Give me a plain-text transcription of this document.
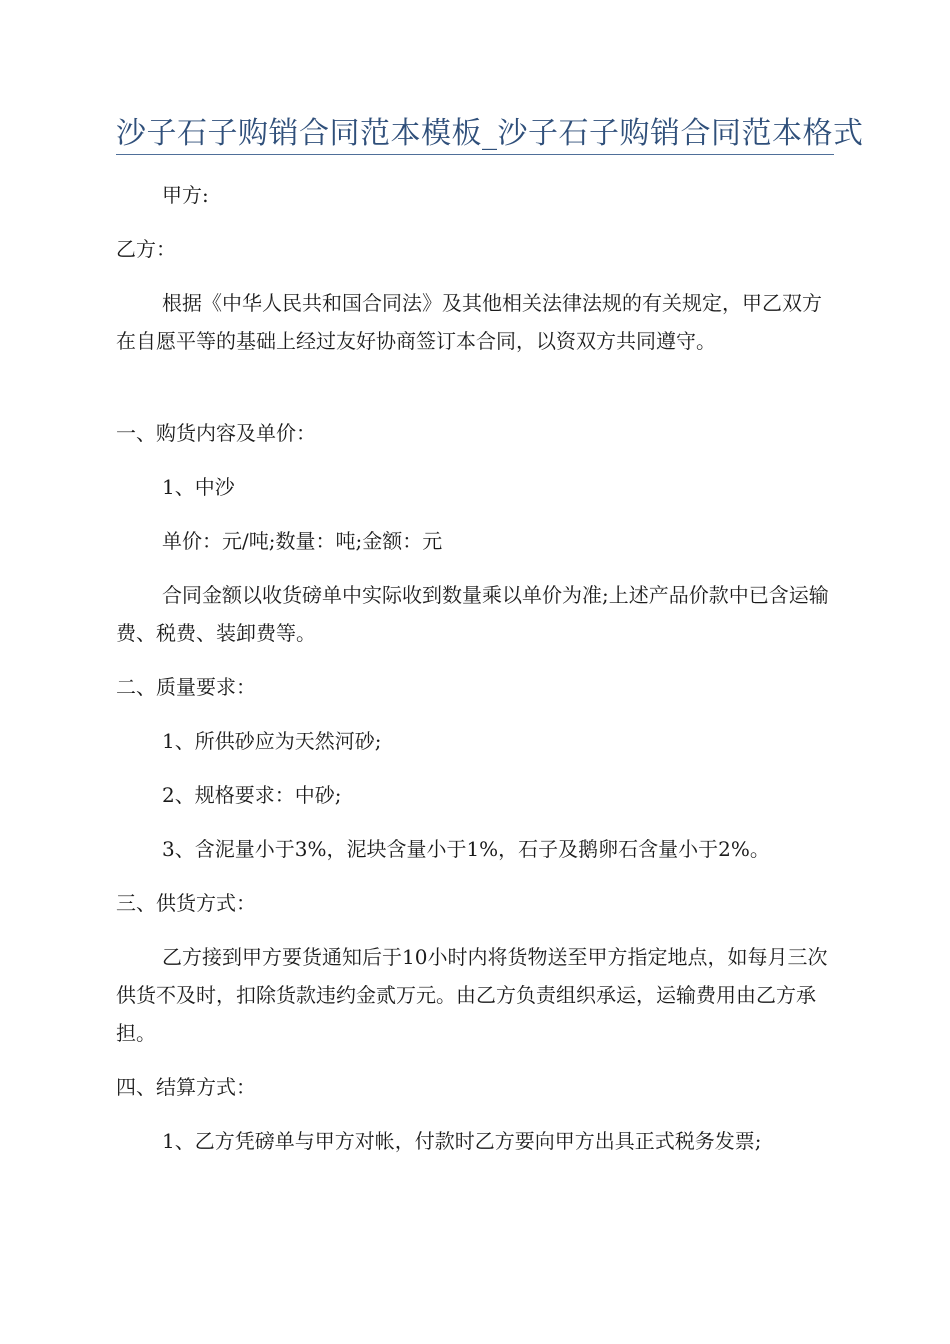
沙子石子购销合同范本模板_沙子石子购销合同范本格式

甲方:

乙方：

根据《中华人民共和国合同法》及其他相关法律法规的有关规定，甲乙双方在自愿平等的基础上经过友好协商签订本合同，以资双方共同遵守。

一、购货内容及单价：

1、中沙

单价：元/吨;数量：吨;金额：元

合同金额以收货磅单中实际收到数量乘以单价为准;上述产品价款中已含运输费、税费、装卸费等。

二、质量要求：

1、所供砂应为天然河砂;

2、规格要求：中砂;

3、含泥量小于3%，泥块含量小于1%，石子及鹅卵石含量小于2%。

三、供货方式：

乙方接到甲方要货通知后于10小时内将货物送至甲方指定地点，如每月三次供货不及时，扣除货款违约金贰万元。由乙方负责组织承运，运输费用由乙方承担。

四、结算方式：

1、乙方凭磅单与甲方对帐，付款时乙方要向甲方出具正式税务发票;
